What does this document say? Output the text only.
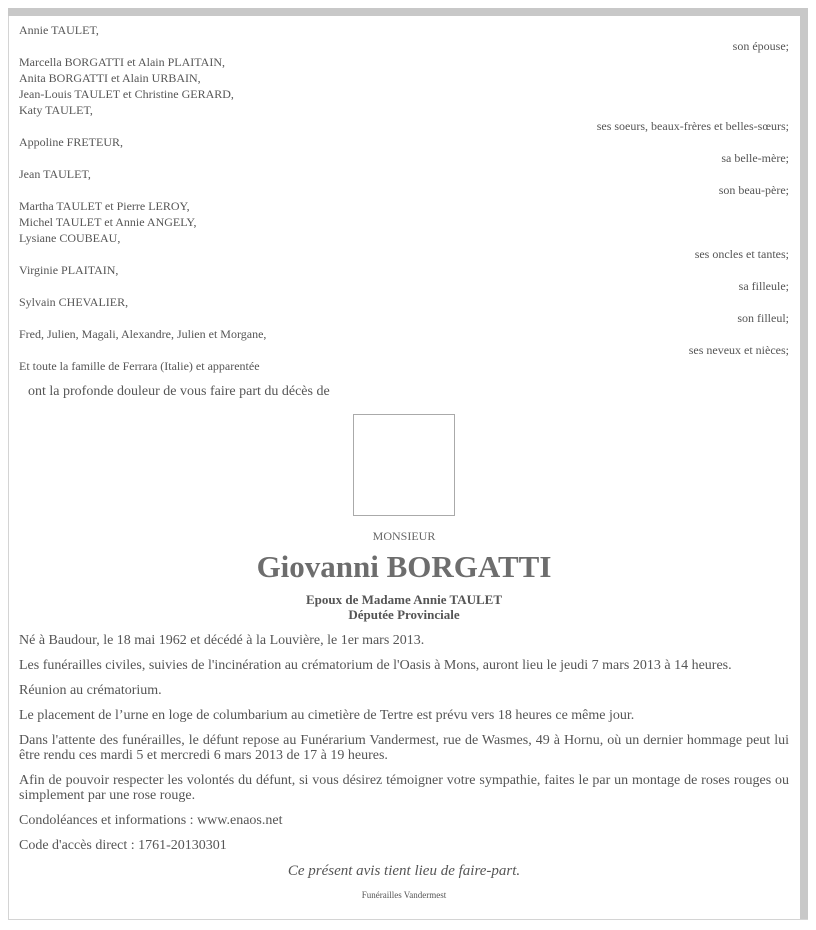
Annie TAULET,
son épouse;
Marcella BORGATTI et Alain PLAITAIN,
Anita BORGATTI et Alain URBAIN,
Jean-Louis TAULET et Christine GERARD,
Katy TAULET,
ses soeurs, beaux-frères et belles-sœurs;
Appoline FRETEUR,
sa belle-mère;
Jean TAULET,
son beau-père;
Martha TAULET et Pierre LEROY,
Michel TAULET et Annie ANGELY,
Lysiane COUBEAU,
ses oncles et tantes;
Virginie PLAITAIN,
sa filleule;
Sylvain CHEVALIER,
son filleul;
Fred, Julien, Magali, Alexandre, Julien et Morgane,
ses neveux et nièces;
Et toute la famille de Ferrara (Italie) et apparentée
ont la profonde douleur de vous faire part du décès de
MONSIEUR
Giovanni BORGATTI
Epoux de Madame Annie TAULET
Députée Provinciale
Né à Baudour, le 18 mai 1962 et décédé à la Louvière, le 1er mars 2013.
Les funérailles civiles, suivies de l'incinération au crématorium de l'Oasis à Mons, auront lieu le jeudi 7 mars 2013 à 14 heures.
Réunion au crématorium.
Le placement de l’urne en loge de columbarium au cimetière de Tertre est prévu vers 18 heures ce même jour.
Dans l'attente des funérailles, le défunt repose au Funérarium Vandermest, rue de Wasmes, 49 à Hornu, où un dernier hommage peut lui être rendu ces mardi 5 et mercredi 6 mars 2013 de 17 à 19 heures.
Afin de pouvoir respecter les volontés du défunt, si vous désirez témoigner votre sympathie, faites le par un montage de roses rouges ou simplement par une rose rouge.
Condoléances et informations : www.enaos.net
Code d'accès direct : 1761-20130301
Ce présent avis tient lieu de faire-part.
Funérailles Vandermest
